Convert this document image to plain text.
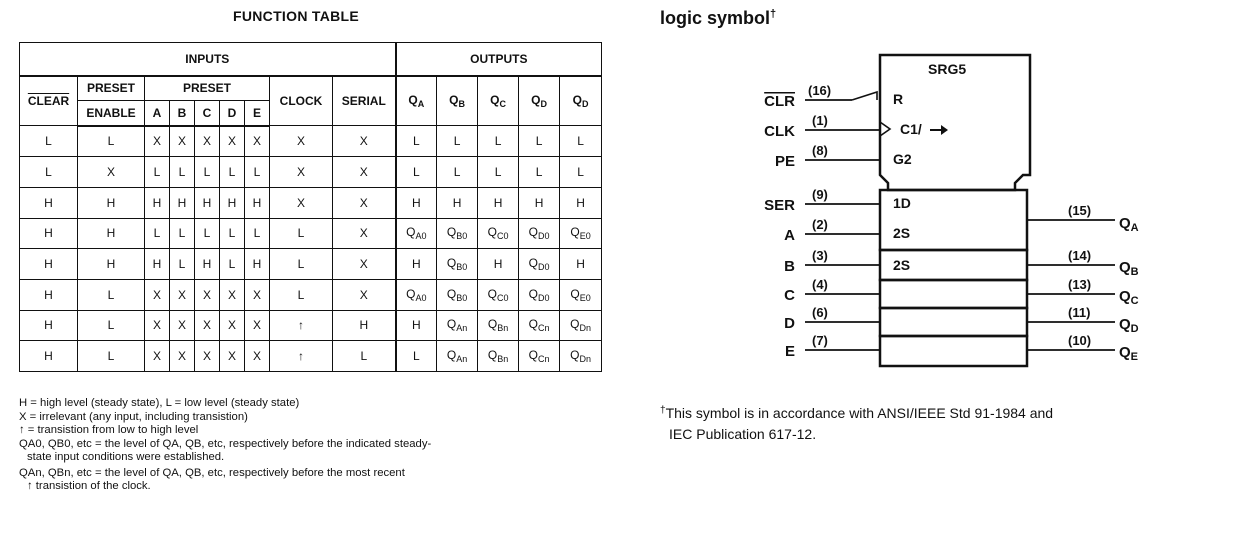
FUNCTION TABLE
INPUTS									OUTPUTS				
CLEAR	PRESET	PRESET					CLOCK	SERIAL	$Q_A$	$Q_B$	$Q_C$	$Q_D$	$Q_D$
	ENABLE	A	B	C	D	E							
L	L	X	X	X	X	X	X	X	L	L	L	L	L
L	X	L	L	L	L	L	X	X	L	L	L	L	L
H	H	H	H	H	H	H	X	X	H	H	H	H	H
H	H	L	L	L	L	L	L	X	$Q_{A0}$	$Q_{B0}$	$Q_{C0}$	$Q_{D0}$	$Q_{E0}$
H	H	H	L	H	L	H	L	X	H	$Q_{B0}$	H	$Q_{D0}$	H
H	L	X	X	X	X	X	L	X	$Q_{A0}$	$Q_{B0}$	$Q_{C0}$	$Q_{D0}$	$Q_{E0}$
H	L	X	X	X	X	X	↑	H	H	$Q_{An}$	$Q_{Bn}$	$Q_{Cn}$	$Q_{Dn}$
H	L	X	X	X	X	X	↑	L	L	$Q_{An}$	$Q_{Bn}$	$Q_{Cn}$	$Q_{Dn}$
H = high level (steady state), L = low level (steady state)
X = irrelevant (any input, including transistion)
↑ = transistion from low to high level
QA0, QB0, etc = the level of QA, QB, etc, respectively before the indicated steady-
state input conditions were established.
QAn, QBn, etc = the level of QA, QB, etc, respectively before the most recent
↑ transistion of the clock.
logic symbol†
SRG5
R
C1/
G2
1D
2S
2S
CLR
CLK
PE
SER
A
B
C
D
E
(16)
(1)
(8)
(9)
(2)
(3)
(4)
(6)
(7)
(15)
(14)
(13)
(11)
(10)
$Q_A$
$Q_B$
$Q_C$
$Q_D$
$Q_E$
†This symbol is in accordance with ANSI/IEEE Std 91-1984 and
IEC Publication 617-12.
